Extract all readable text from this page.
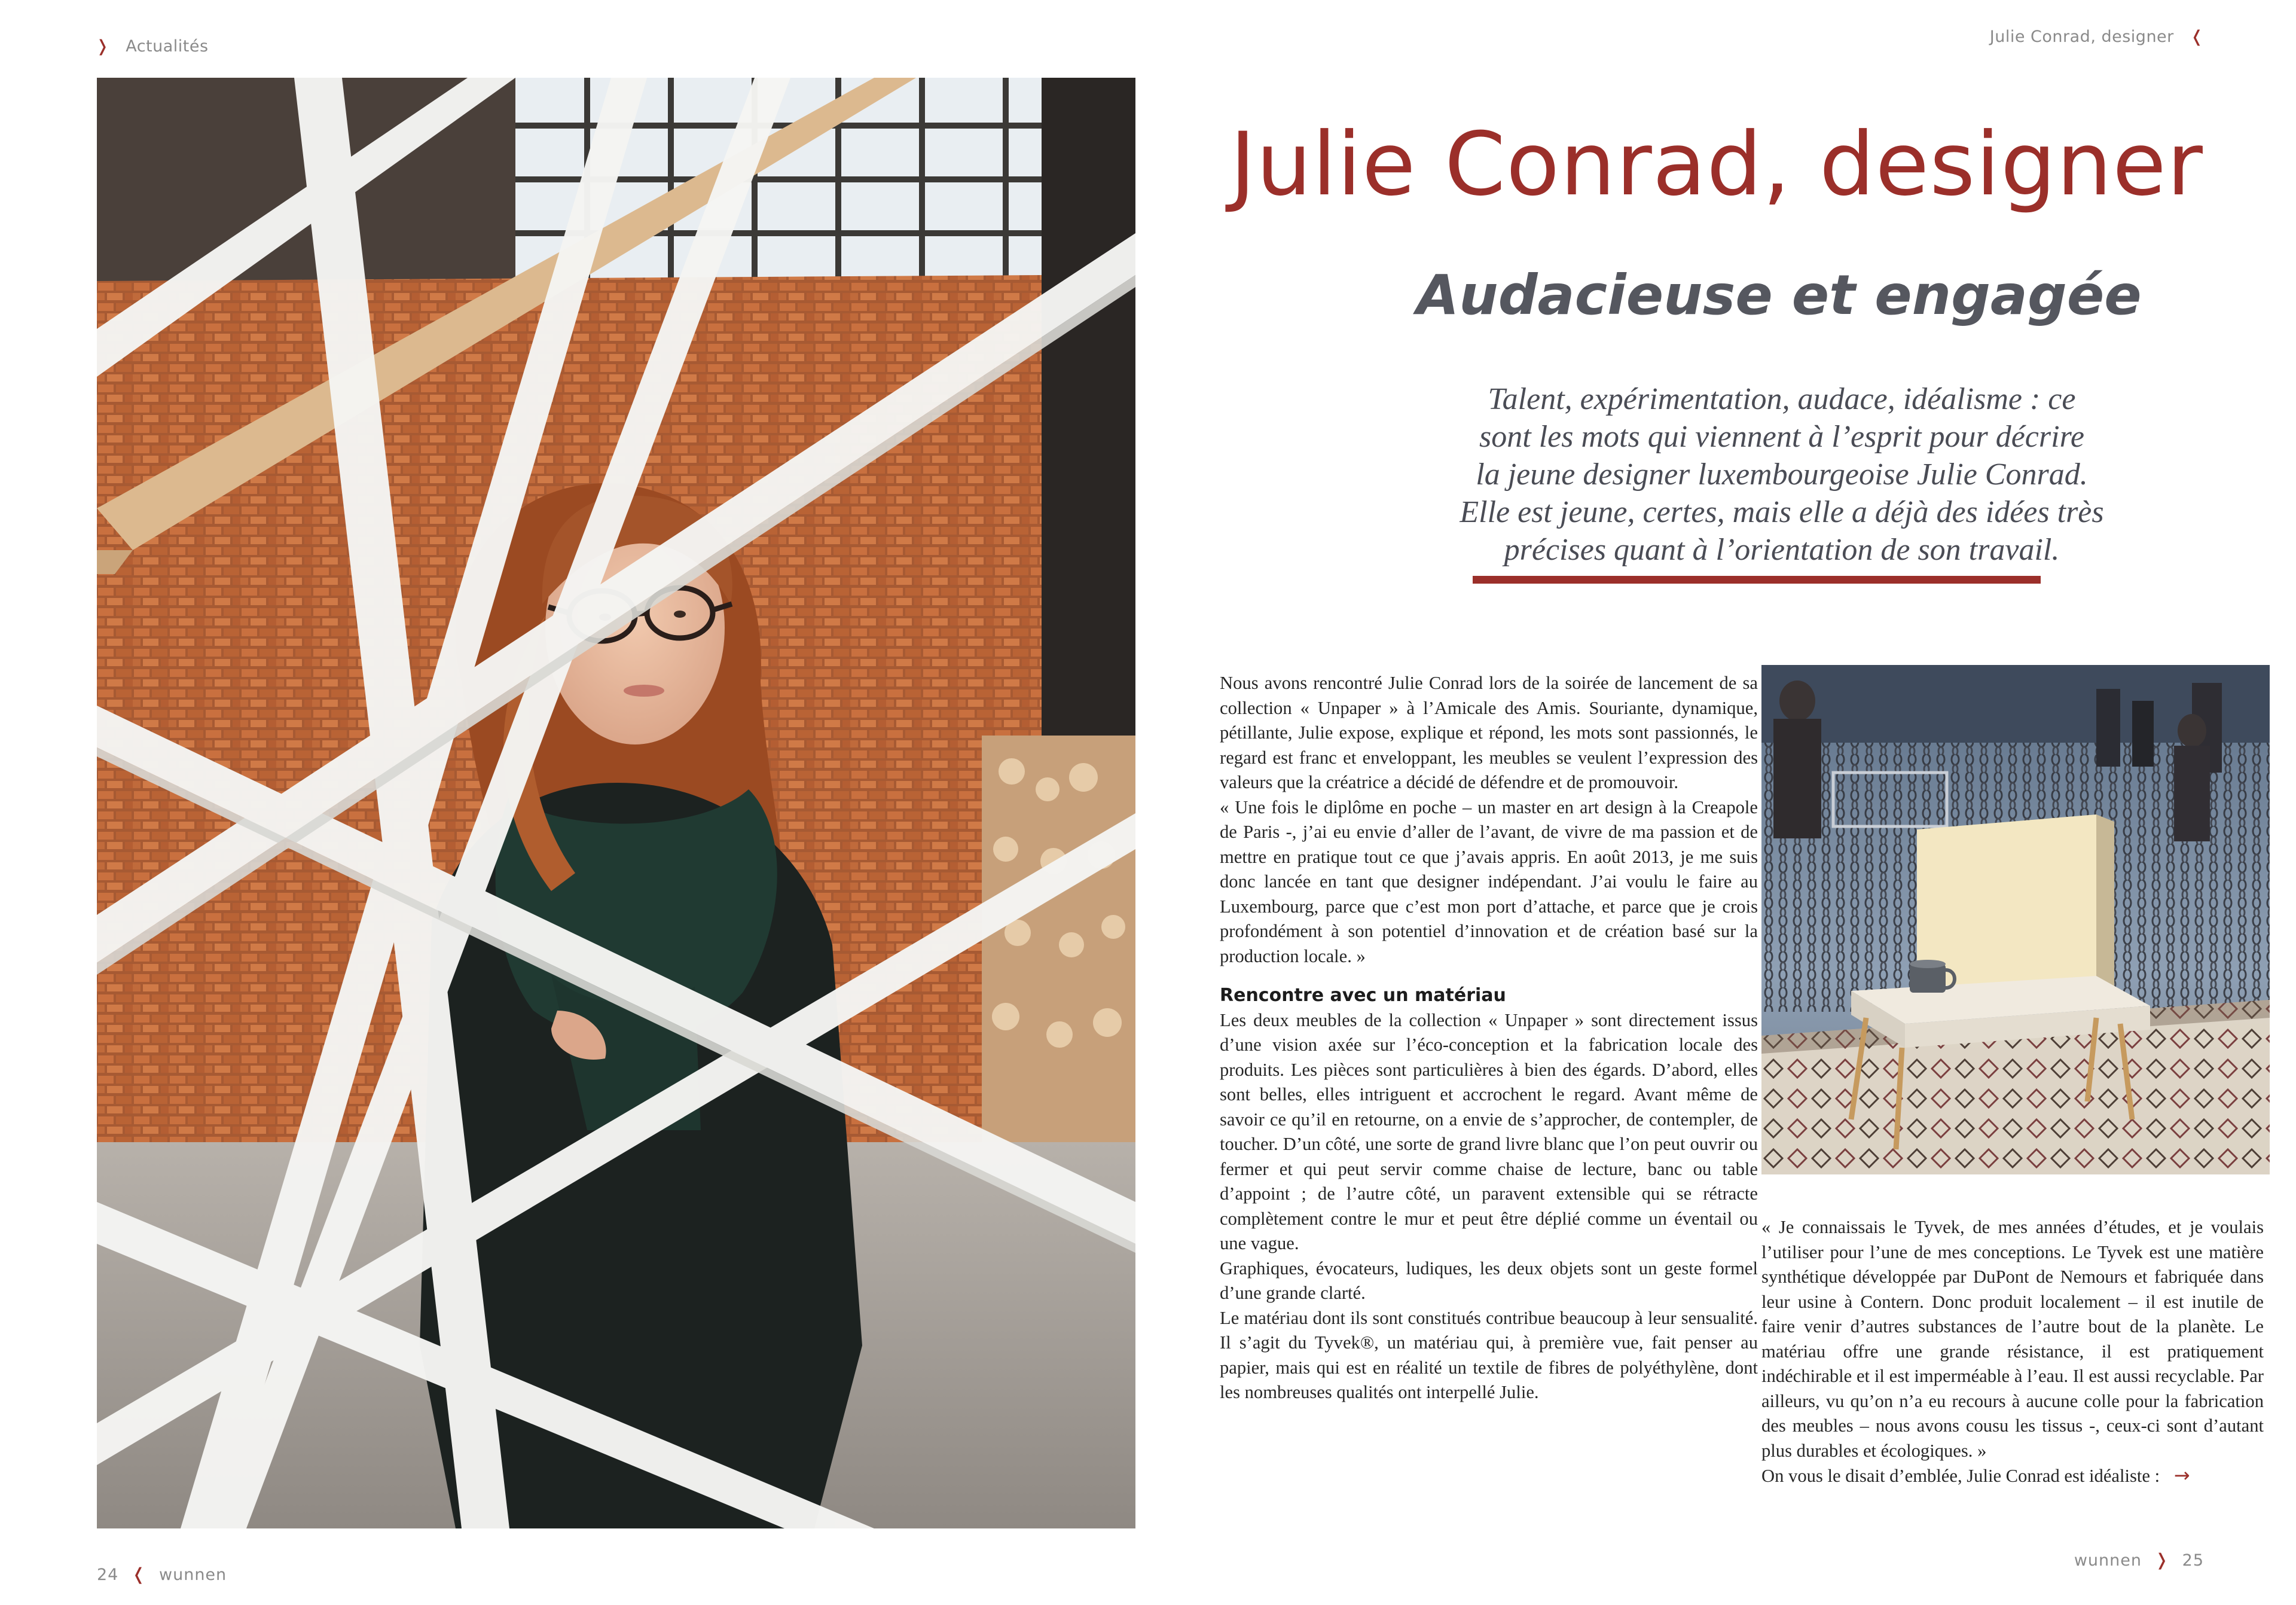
❭ Actualités
Julie Conrad, designer ❬
Julie Conrad, designer
Audacieuse et engagée
Talent, expérimentation, audace, idéalisme : ce
sont les mots qui viennent à l’esprit pour décrire
la jeune designer luxembourgeoise Julie Conrad.
Elle est jeune, certes, mais elle a déjà des idées très
précises quant à l’orientation de son travail.

Nous avons rencontré Julie Conrad lors de la soirée de lancement de sa collection « Unpaper » à l’Amicale des Amis. Souriante, dynamique, pétillante, Julie expose, explique et répond, les mots sont passionnés, le regard est franc et enveloppant, les meubles se veulent l’expression des valeurs que la créatrice a décidé de défendre et de promouvoir.

« Une fois le diplôme en poche – un master en art design à la Creapole de Paris -, j’ai eu envie d’aller de l’avant, de vivre de ma passion et de mettre en pratique tout ce que j’avais appris. En août 2013, je me suis donc lancée en tant que designer indépendant. J’ai voulu le faire au Luxembourg, parce que c’est mon port d’attache, et parce que je crois profondément à son potentiel d’innovation et de création basé sur la production locale. »

Rencontre avec un matériau

Les deux meubles de la collection « Unpaper » sont directement issus d’une vision axée sur l’éco-conception et la fabrication locale des produits. Les pièces sont particulières à bien des égards. D’abord, elles sont belles, elles intriguent et accrochent le regard. Avant même de savoir ce qu’il en retourne, on a envie de s’approcher, de contempler, de toucher. D’un côté, une sorte de grand livre blanc que l’on peut ouvrir ou fermer et qui peut servir comme chaise de lecture, banc ou table d’appoint ; de l’autre côté, un paravent extensible qui se rétracte complètement contre le mur et peut être déplié comme un éventail ou une vague.

Graphiques, évocateurs, ludiques, les deux objets sont un geste formel d’une grande clarté.

Le matériau dont ils sont constitués contribue beaucoup à leur sensualité. Il s’agit du Tyvek®, un matériau qui, à première vue, fait penser au papier, mais qui est en réalité un textile de fibres de polyéthylène, dont les nombreuses qualités ont interpellé Julie.

« Je connaissais le Tyvek, de mes années d’études, et je voulais l’utiliser pour l’une de mes conceptions. Le Tyvek est une matière synthétique développée par DuPont de Nemours et fabriquée dans leur usine à Contern. Donc produit localement – il est inutile de faire venir d’autres substances de l’autre bout de la planète. Le matériau offre une grande résistance, il est pratiquement indéchirable et il est imperméable à l’eau. Il est aussi recyclable. Par ailleurs, vu qu’on n’a eu recours à aucune colle pour la fabrication des meubles – nous avons cousu les tissus -, ceux-ci sont d’autant plus durables et écologiques. »

On vous le disait d’emblée, Julie Conrad est idéaliste : →

24 ❬ wunnen
wunnen ❭ 25
